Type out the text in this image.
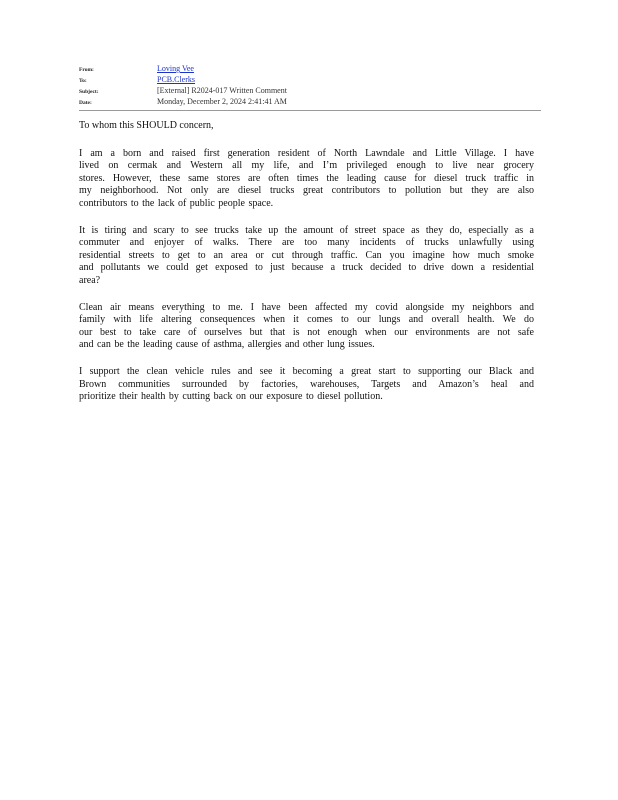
From:	Loving Vee
To:	PCB.Clerks
Subject:	[External] R2024-017 Written Comment
Date:	Monday, December 2, 2024 2:41:41 AM
To whom this SHOULD concern,
I am a born and raised first generation resident of North Lawndale and Little Village. I have
lived on cermak and Western all my life, and I’m privileged enough to live near grocery
stores. However, these same stores are often times the leading cause for diesel truck traffic in
my neighborhood. Not only are diesel trucks great contributors to pollution but they are also
contributors to the lack of public people space.
It is tiring and scary to see trucks take up the amount of street space as they do, especially as a
commuter and enjoyer of walks. There are too many incidents of trucks unlawfully using
residential streets to get to an area or cut through traffic. Can you imagine how much smoke
and pollutants we could get exposed to just because a truck decided to drive down a residential
area?
Clean air means everything to me. I have been affected my covid alongside my neighbors and
family with life altering consequences when it comes to our lungs and overall health. We do
our best to take care of ourselves but that is not enough when our environments are not safe
and can be the leading cause of asthma, allergies and other lung issues.
I support the clean vehicle rules and see it becoming a great start to supporting our Black and
Brown communities surrounded by factories, warehouses, Targets and Amazon’s heal and
prioritize their health by cutting back on our exposure to diesel pollution.
